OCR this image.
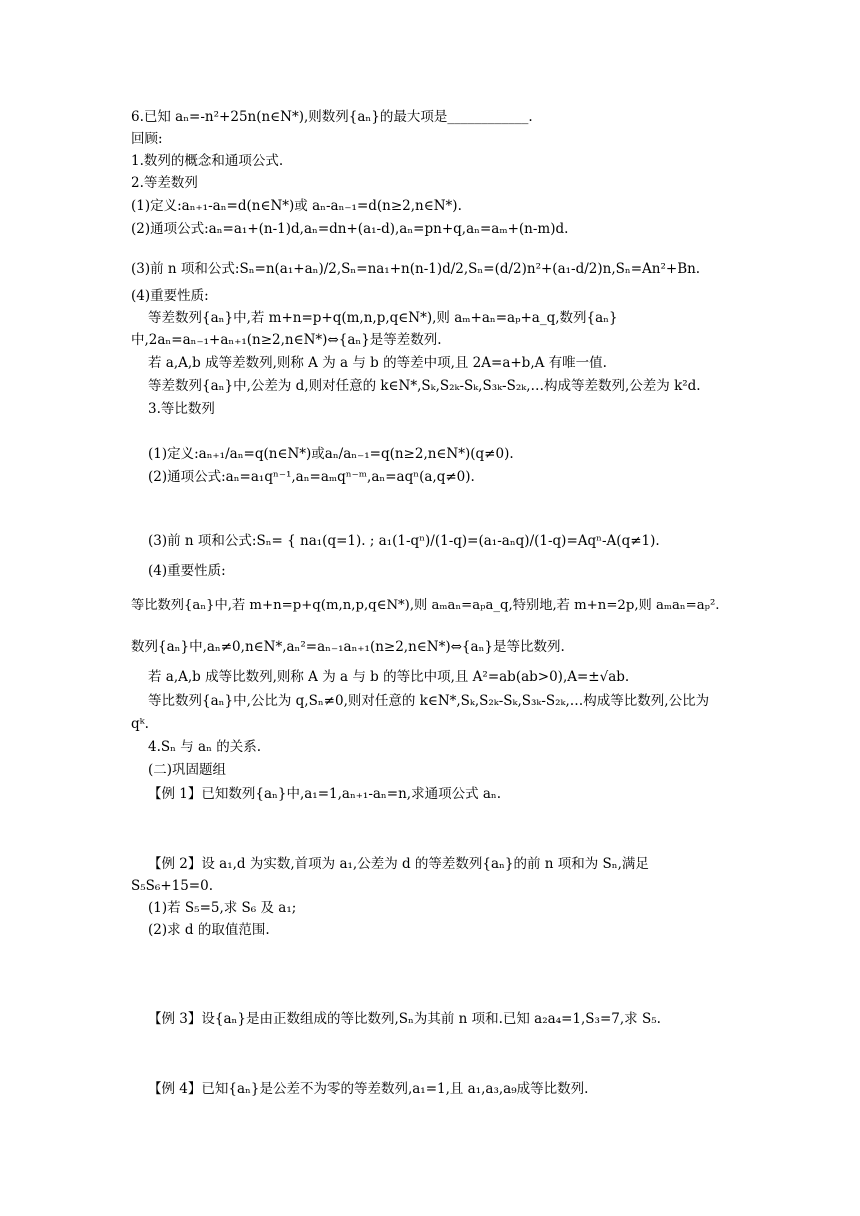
6.已知 aₙ=-n²+25n(n∈N*),则数列{aₙ}的最大项是____________.
回顾:
1.数列的概念和通项公式.
2.等差数列
(1)定义:aₙ₊₁-aₙ=d(n∈N*)或 aₙ-aₙ₋₁=d(n≥2,n∈N*).
(2)通项公式:aₙ=a₁+(n-1)d,aₙ=dn+(a₁-d),aₙ=pn+q,aₙ=aₘ+(n-m)d.
(3)前 n 项和公式:Sₙ=n(a₁+aₙ)/2,Sₙ=na₁+n(n-1)d/2,Sₙ=(d/2)n²+(a₁-d/2)n,Sₙ=An²+Bn.
(4)重要性质:
等差数列{aₙ}中,若 m+n=p+q(m,n,p,q∈N*),则 aₘ+aₙ=aₚ+a_q,数列{aₙ}
中,2aₙ=aₙ₋₁+aₙ₊₁(n≥2,n∈N*)⇔{aₙ}是等差数列.
若 a,A,b 成等差数列,则称 A 为 a 与 b 的等差中项,且 2A=a+b,A 有唯一值.
等差数列{aₙ}中,公差为 d,则对任意的 k∈N*,Sₖ,S₂ₖ-Sₖ,S₃ₖ-S₂ₖ,…构成等差数列,公差为 k²d.
3.等比数列
(1)定义:aₙ₊₁/aₙ=q(n∈N*)或aₙ/aₙ₋₁=q(n≥2,n∈N*)(q≠0).
(2)通项公式:aₙ=a₁qⁿ⁻¹,aₙ=aₘqⁿ⁻ᵐ,aₙ=aqⁿ(a,q≠0).
(3)前 n 项和公式:Sₙ= { na₁(q=1). ; a₁(1-qⁿ)/(1-q)=(a₁-aₙq)/(1-q)=Aqⁿ-A(q≠1).
(4)重要性质:
等比数列{aₙ}中,若 m+n=p+q(m,n,p,q∈N*),则 aₘaₙ=aₚa_q,特别地,若 m+n=2p,则 aₘaₙ=aₚ².
数列{aₙ}中,aₙ≠0,n∈N*,aₙ²=aₙ₋₁aₙ₊₁(n≥2,n∈N*)⇔{aₙ}是等比数列.
若 a,A,b 成等比数列,则称 A 为 a 与 b 的等比中项,且 A²=ab(ab>0),A=±√ab.
等比数列{aₙ}中,公比为 q,Sₙ≠0,则对任意的 k∈N*,Sₖ,S₂ₖ-Sₖ,S₃ₖ-S₂ₖ,…构成等比数列,公比为
qᵏ.
4.Sₙ 与 aₙ 的关系.
(二)巩固题组
【例 1】已知数列{aₙ}中,a₁=1,aₙ₊₁-aₙ=n,求通项公式 aₙ.
【例 2】设 a₁,d 为实数,首项为 a₁,公差为 d 的等差数列{aₙ}的前 n 项和为 Sₙ,满足
S₅S₆+15=0.
(1)若 S₅=5,求 S₆ 及 a₁;
(2)求 d 的取值范围.
【例 3】设{aₙ}是由正数组成的等比数列,Sₙ为其前 n 项和.已知 a₂a₄=1,S₃=7,求 S₅.
【例 4】已知{aₙ}是公差不为零的等差数列,a₁=1,且 a₁,a₃,a₉成等比数列.
